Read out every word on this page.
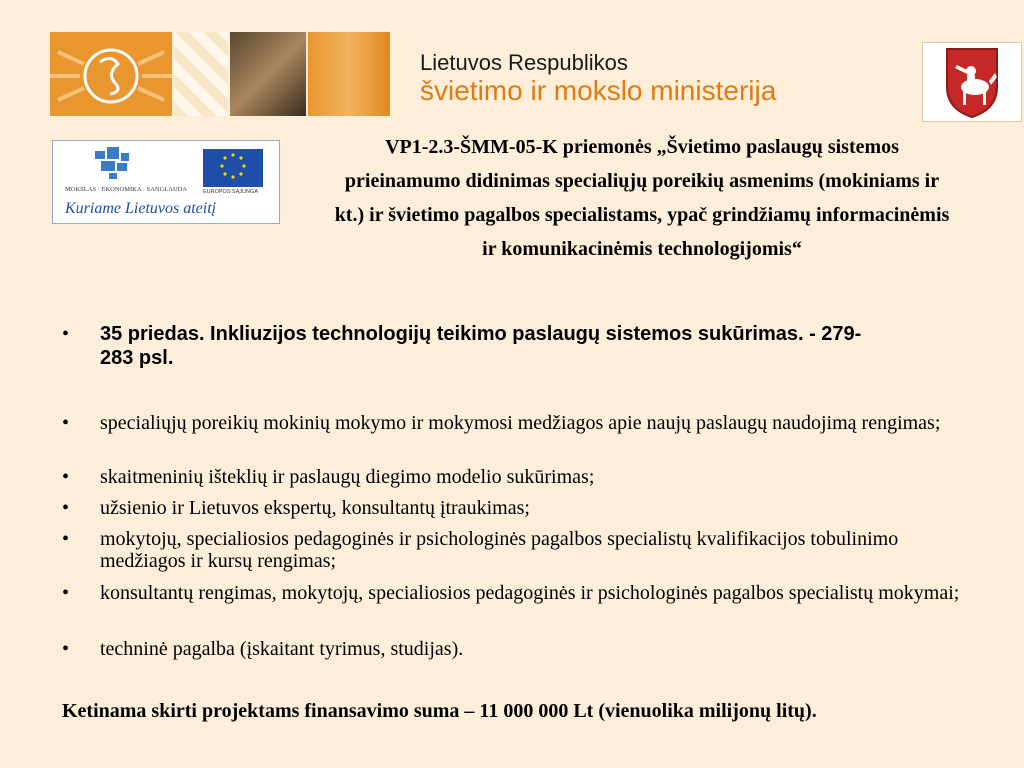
Lietuvos Respublikos
švietimo ir mokslo ministerija
MOKSLAS · EKONOMIKA · SANGLAUDA	EUROPOS SĄJUNGA
Kuriame Lietuvos ateitį
VP1-2.3-ŠMM-05-K priemonės „Švietimo paslaugų sistemos prieinamumo didinimas specialiųjų poreikių asmenims (mokiniams ir kt.) ir švietimo pagalbos specialistams, ypač grindžiamų informacinėmis ir komunikacinėmis technologijomis“
•	35 priedas. Inkliuzijos technologijų teikimo paslaugų sistemos sukūrimas. - 279-283 psl.
•	specialiųjų poreikių mokinių mokymo ir mokymosi medžiagos apie naujų paslaugų naudojimą rengimas;
•	skaitmeninių išteklių ir paslaugų diegimo modelio sukūrimas;
•	užsienio ir Lietuvos ekspertų, konsultantų įtraukimas;
•	mokytojų, specialiosios pedagoginės ir psichologinės pagalbos specialistų kvalifikacijos tobulinimo medžiagos ir kursų rengimas;
•	konsultantų rengimas, mokytojų, specialiosios pedagoginės ir psichologinės pagalbos specialistų mokymai;
•	techninė pagalba (įskaitant tyrimus, studijas).
Ketinama skirti projektams finansavimo suma – 11 000 000 Lt (vienuolika milijonų litų).
